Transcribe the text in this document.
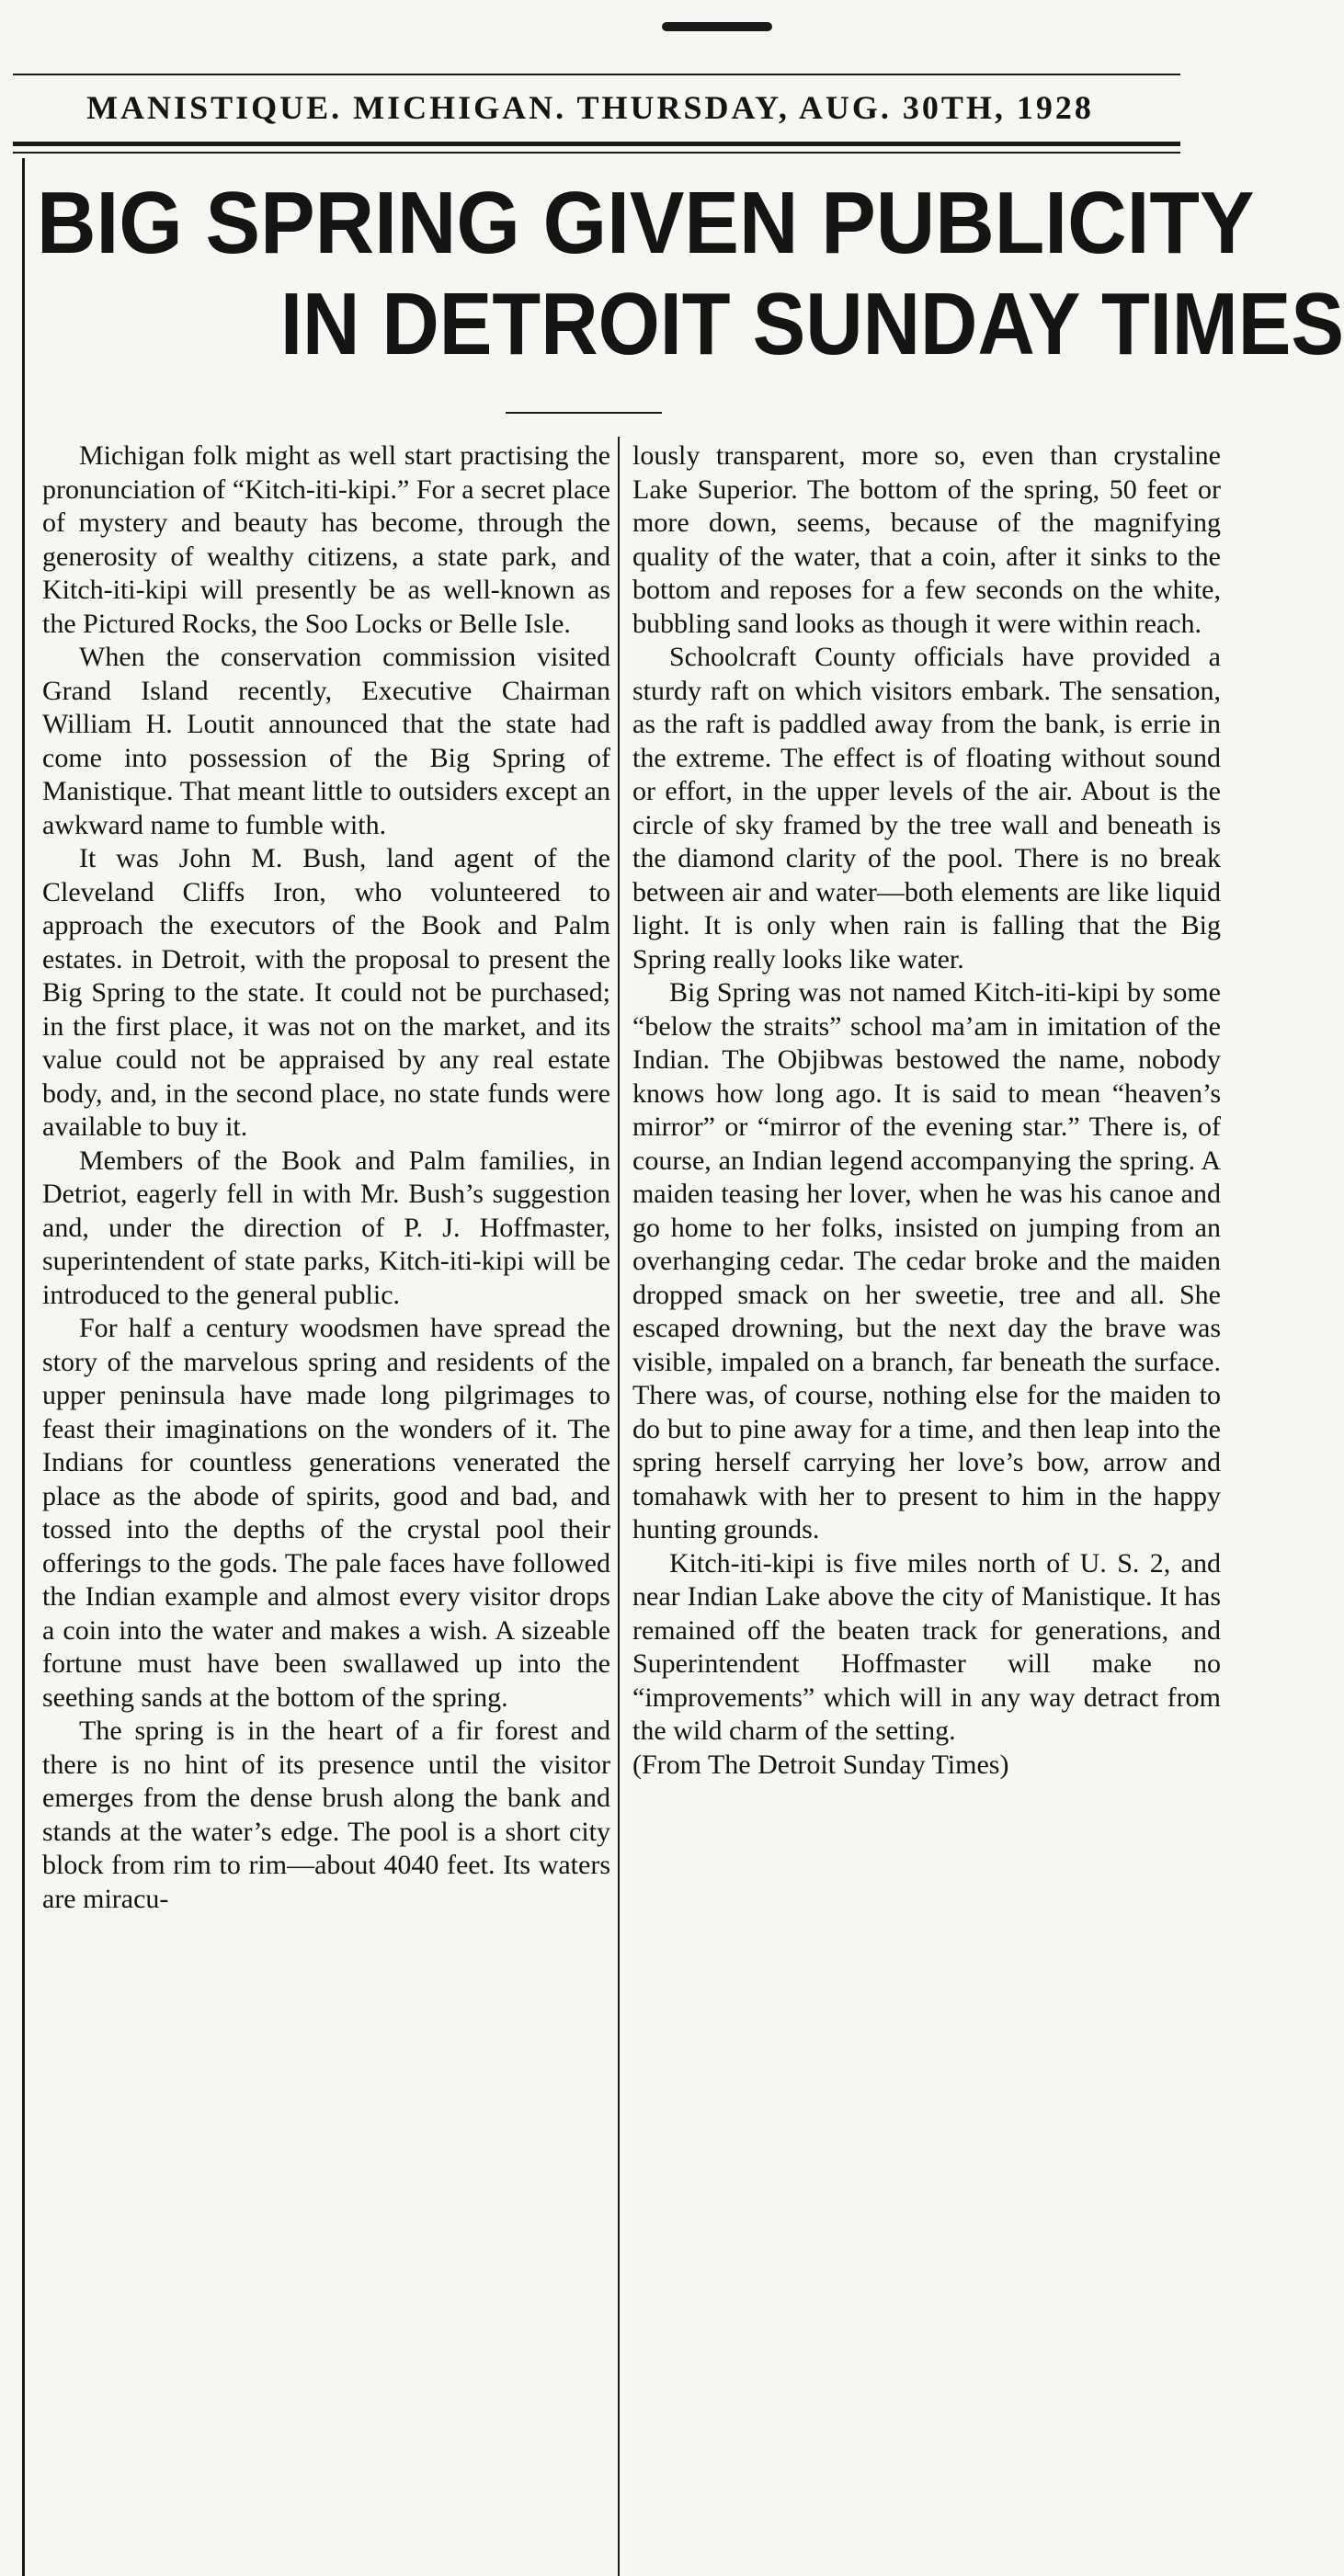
MANISTIQUE. MICHIGAN. THURSDAY, AUG. 30TH, 1928
BIG SPRING GIVEN PUBLICITY
IN DETROIT SUNDAY TIMES

Michigan folk might as well start practising the pronunciation of “Kitch-iti-kipi.” For a secret place of mystery and beauty has become, through the generosity of wealthy citizens, a state park, and Kitch-iti-kipi will presently be as well-known as the Pictured Rocks, the Soo Locks or Belle Isle.

When the conservation commission visited Grand Island recently, Executive Chairman William H. Loutit announced that the state had come into possession of the Big Spring of Manistique. That meant little to outsiders except an awkward name to fumble with.

It was John M. Bush, land agent of the Cleveland Cliffs Iron, who volunteered to approach the executors of the Book and Palm estates. in Detroit, with the proposal to present the Big Spring to the state. It could not be purchased; in the first place, it was not on the market, and its value could not be appraised by any real estate body, and, in the second place, no state funds were available to buy it.

Members of the Book and Palm families, in Detriot, eagerly fell in with Mr. Bush’s suggestion and, under the direction of P. J. Hoffmaster, superintendent of state parks, Kitch-iti-kipi will be introduced to the general public.

For half a century woodsmen have spread the story of the marvelous spring and residents of the upper peninsula have made long pilgrimages to feast their imaginations on the wonders of it. The Indians for countless generations venerated the place as the abode of spirits, good and bad, and tossed into the depths of the crystal pool their offerings to the gods. The pale faces have followed the Indian example and almost every visitor drops a coin into the water and makes a wish. A sizeable fortune must have been swallawed up into the seething sands at the bottom of the spring.

The spring is in the heart of a fir forest and there is no hint of its presence until the visitor emerges from the dense brush along the bank and stands at the water’s edge. The pool is a short city block from rim to rim—about 4040 feet. Its waters are miracu-

lously transparent, more so, even than crystaline Lake Superior. The bottom of the spring, 50 feet or more down, seems, because of the magnifying quality of the water, that a coin, after it sinks to the bottom and reposes for a few seconds on the white, bubbling sand looks as though it were within reach.

Schoolcraft County officials have provided a sturdy raft on which visitors embark. The sensation, as the raft is paddled away from the bank, is errie in the extreme. The effect is of floating without sound or effort, in the upper levels of the air. About is the circle of sky framed by the tree wall and beneath is the diamond clarity of the pool. There is no break between air and water—both elements are like liquid light. It is only when rain is falling that the Big Spring really looks like water.

Big Spring was not named Kitch-iti-kipi by some “below the straits” school ma’am in imitation of the Indian. The Objibwas bestowed the name, nobody knows how long ago. It is said to mean “heaven’s mirror” or “mirror of the evening star.” There is, of course, an Indian legend accompanying the spring. A maiden teasing her lover, when he was his canoe and go home to her folks, insisted on jumping from an overhanging cedar. The cedar broke and the maiden dropped smack on her sweetie, tree and all. She escaped drowning, but the next day the brave was visible, impaled on a branch, far beneath the surface. There was, of course, nothing else for the maiden to do but to pine away for a time, and then leap into the spring herself carrying her love’s bow, arrow and tomahawk with her to present to him in the happy hunting grounds.

Kitch-iti-kipi is five miles north of U. S. 2, and near Indian Lake above the city of Manistique. It has remained off the beaten track for generations, and Superintendent Hoffmaster will make no “improvements” which will in any way detract from the wild charm of the setting.

(From The Detroit Sunday Times)
